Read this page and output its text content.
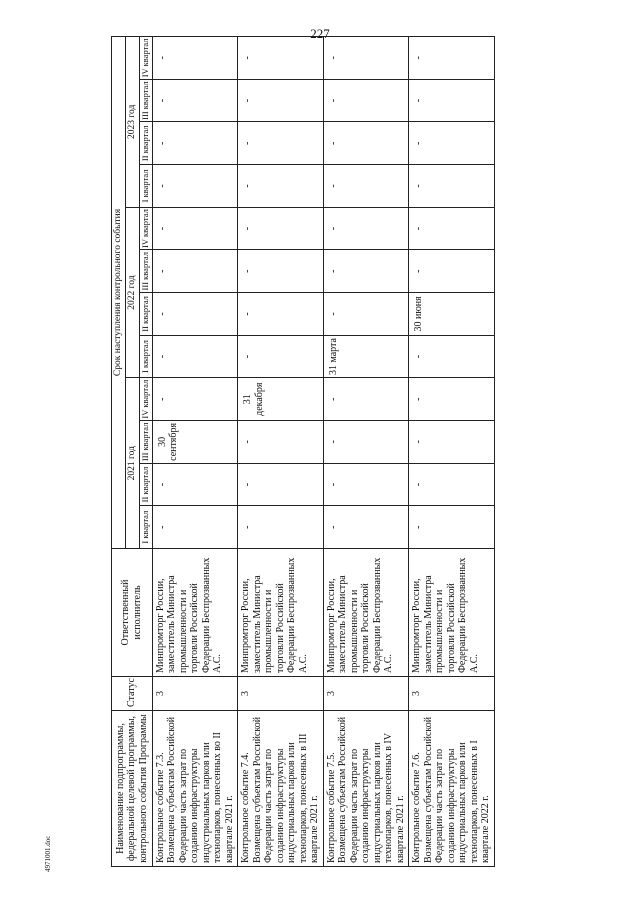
227
Наименование подпрограммы, федеральной целевой программы, контрольного события Программы	Статус	Ответственный исполнитель	Срок наступления контрольного события											
			2021 год				2022 год				2023 год			
			I квартал	II квартал	III квартал	IV квартал	I квартал	II квартал	III квартал	IV квартал	I квартал	II квартал	III квартал	IV квартал
Контрольное событие 7.3. Возмещена субъектам Российской Федерации часть затрат по созданию инфраструктуры индустриальных парков или технопарков, понесенных во II квартале 2021 г.	3	Минпромторг России, заместитель Министра промышленности и торговли Российской Федерации Беспрозванных А.С.	-	-	30 сентября	-	-	-	-	-	-	-	-	-
Контрольное событие 7.4. Возмещена субъектам Российской Федерации часть затрат по созданию инфраструктуры индустриальных парков или технопарков, понесенных в III квартале 2021 г.	3	Минпромторг России, заместитель Министра промышленности и торговли Российской Федерации Беспрозванных А.С.	-	-	-	31 декабря	-	-	-	-	-	-	-	-
Контрольное событие 7.5. Возмещена субъектам Российской Федерации часть затрат по созданию инфраструктуры индустриальных парков или технопарков, понесенных в IV квартале 2021 г.	3	Минпромторг России, заместитель Министра промышленности и торговли Российской Федерации Беспрозванных А.С.	-	-	-	-	31 марта	-	-	-	-	-	-	-
Контрольное событие 7.6. Возмещена субъектам Российской Федерации часть затрат по созданию инфраструктуры индустриальных парков или технопарков, понесенных в I квартале 2022 г.	3	Минпромторг России, заместитель Министра промышленности и торговли Российской Федерации Беспрозванных А.С.	-	-	-	-	-	30 июня	-	-	-	-	-	-
4971001.doc
